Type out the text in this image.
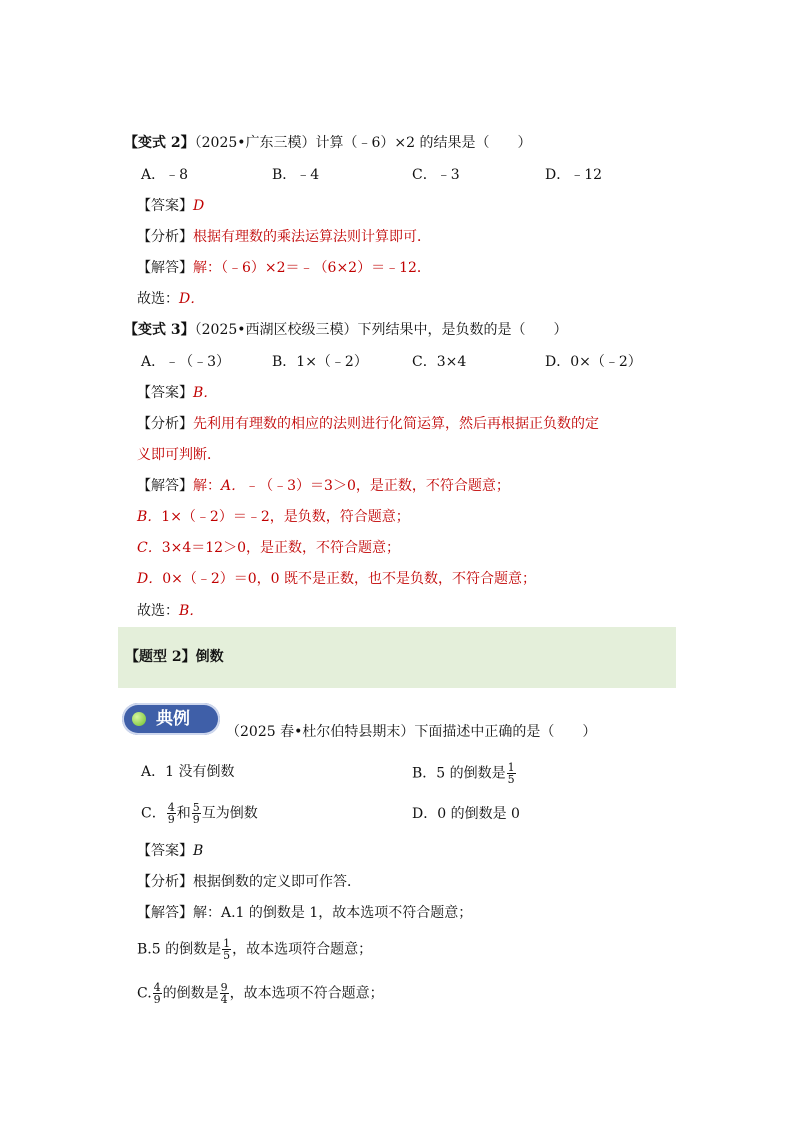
【变式 2】（2025•广东三模）计算（﹣6）×2 的结果是（　　）
A．﹣8	B．﹣4	C．﹣3	D．﹣12
【答案】D
【分析】根据有理数的乘法运算法则计算即可．
【解答】解：（﹣6）×2＝﹣（6×2）＝﹣12．
故选：D．
【变式 3】（2025•西湖区校级三模）下列结果中，是负数的是（　　）
A．﹣（﹣3）	B．1×（﹣2）	C．3×4	D．0×（﹣2）
【答案】B．
【分析】先利用有理数的相应的法则进行化简运算，然后再根据正负数的定
义即可判断．
【解答】解：A．﹣（﹣3）＝3＞0，是正数，不符合题意；
B．1×（﹣2）＝﹣2，是负数，符合题意；
C．3×4＝12＞0，是正数，不符合题意；
D．0×（﹣2）＝0，0 既不是正数，也不是负数，不符合题意；
故选：B．
【题型 2】倒数
典例
（2025 春•杜尔伯特县期末）下面描述中正确的是（　　）
A．1 没有倒数	B．5 的倒数是 $\frac{1}{5}$
C． $\frac{4}{9}$ 和 $\frac{5}{9}$ 互为倒数	D．0 的倒数是 0
【答案】B
【分析】根据倒数的定义即可作答．
【解答】解：A.1 的倒数是 1，故本选项不符合题意；
B.5 的倒数是 $\frac{1}{5}$ ，故本选项符合题意；
C. $\frac{4}{9}$ 的倒数是 $\frac{9}{4}$ ，故本选项不符合题意；
